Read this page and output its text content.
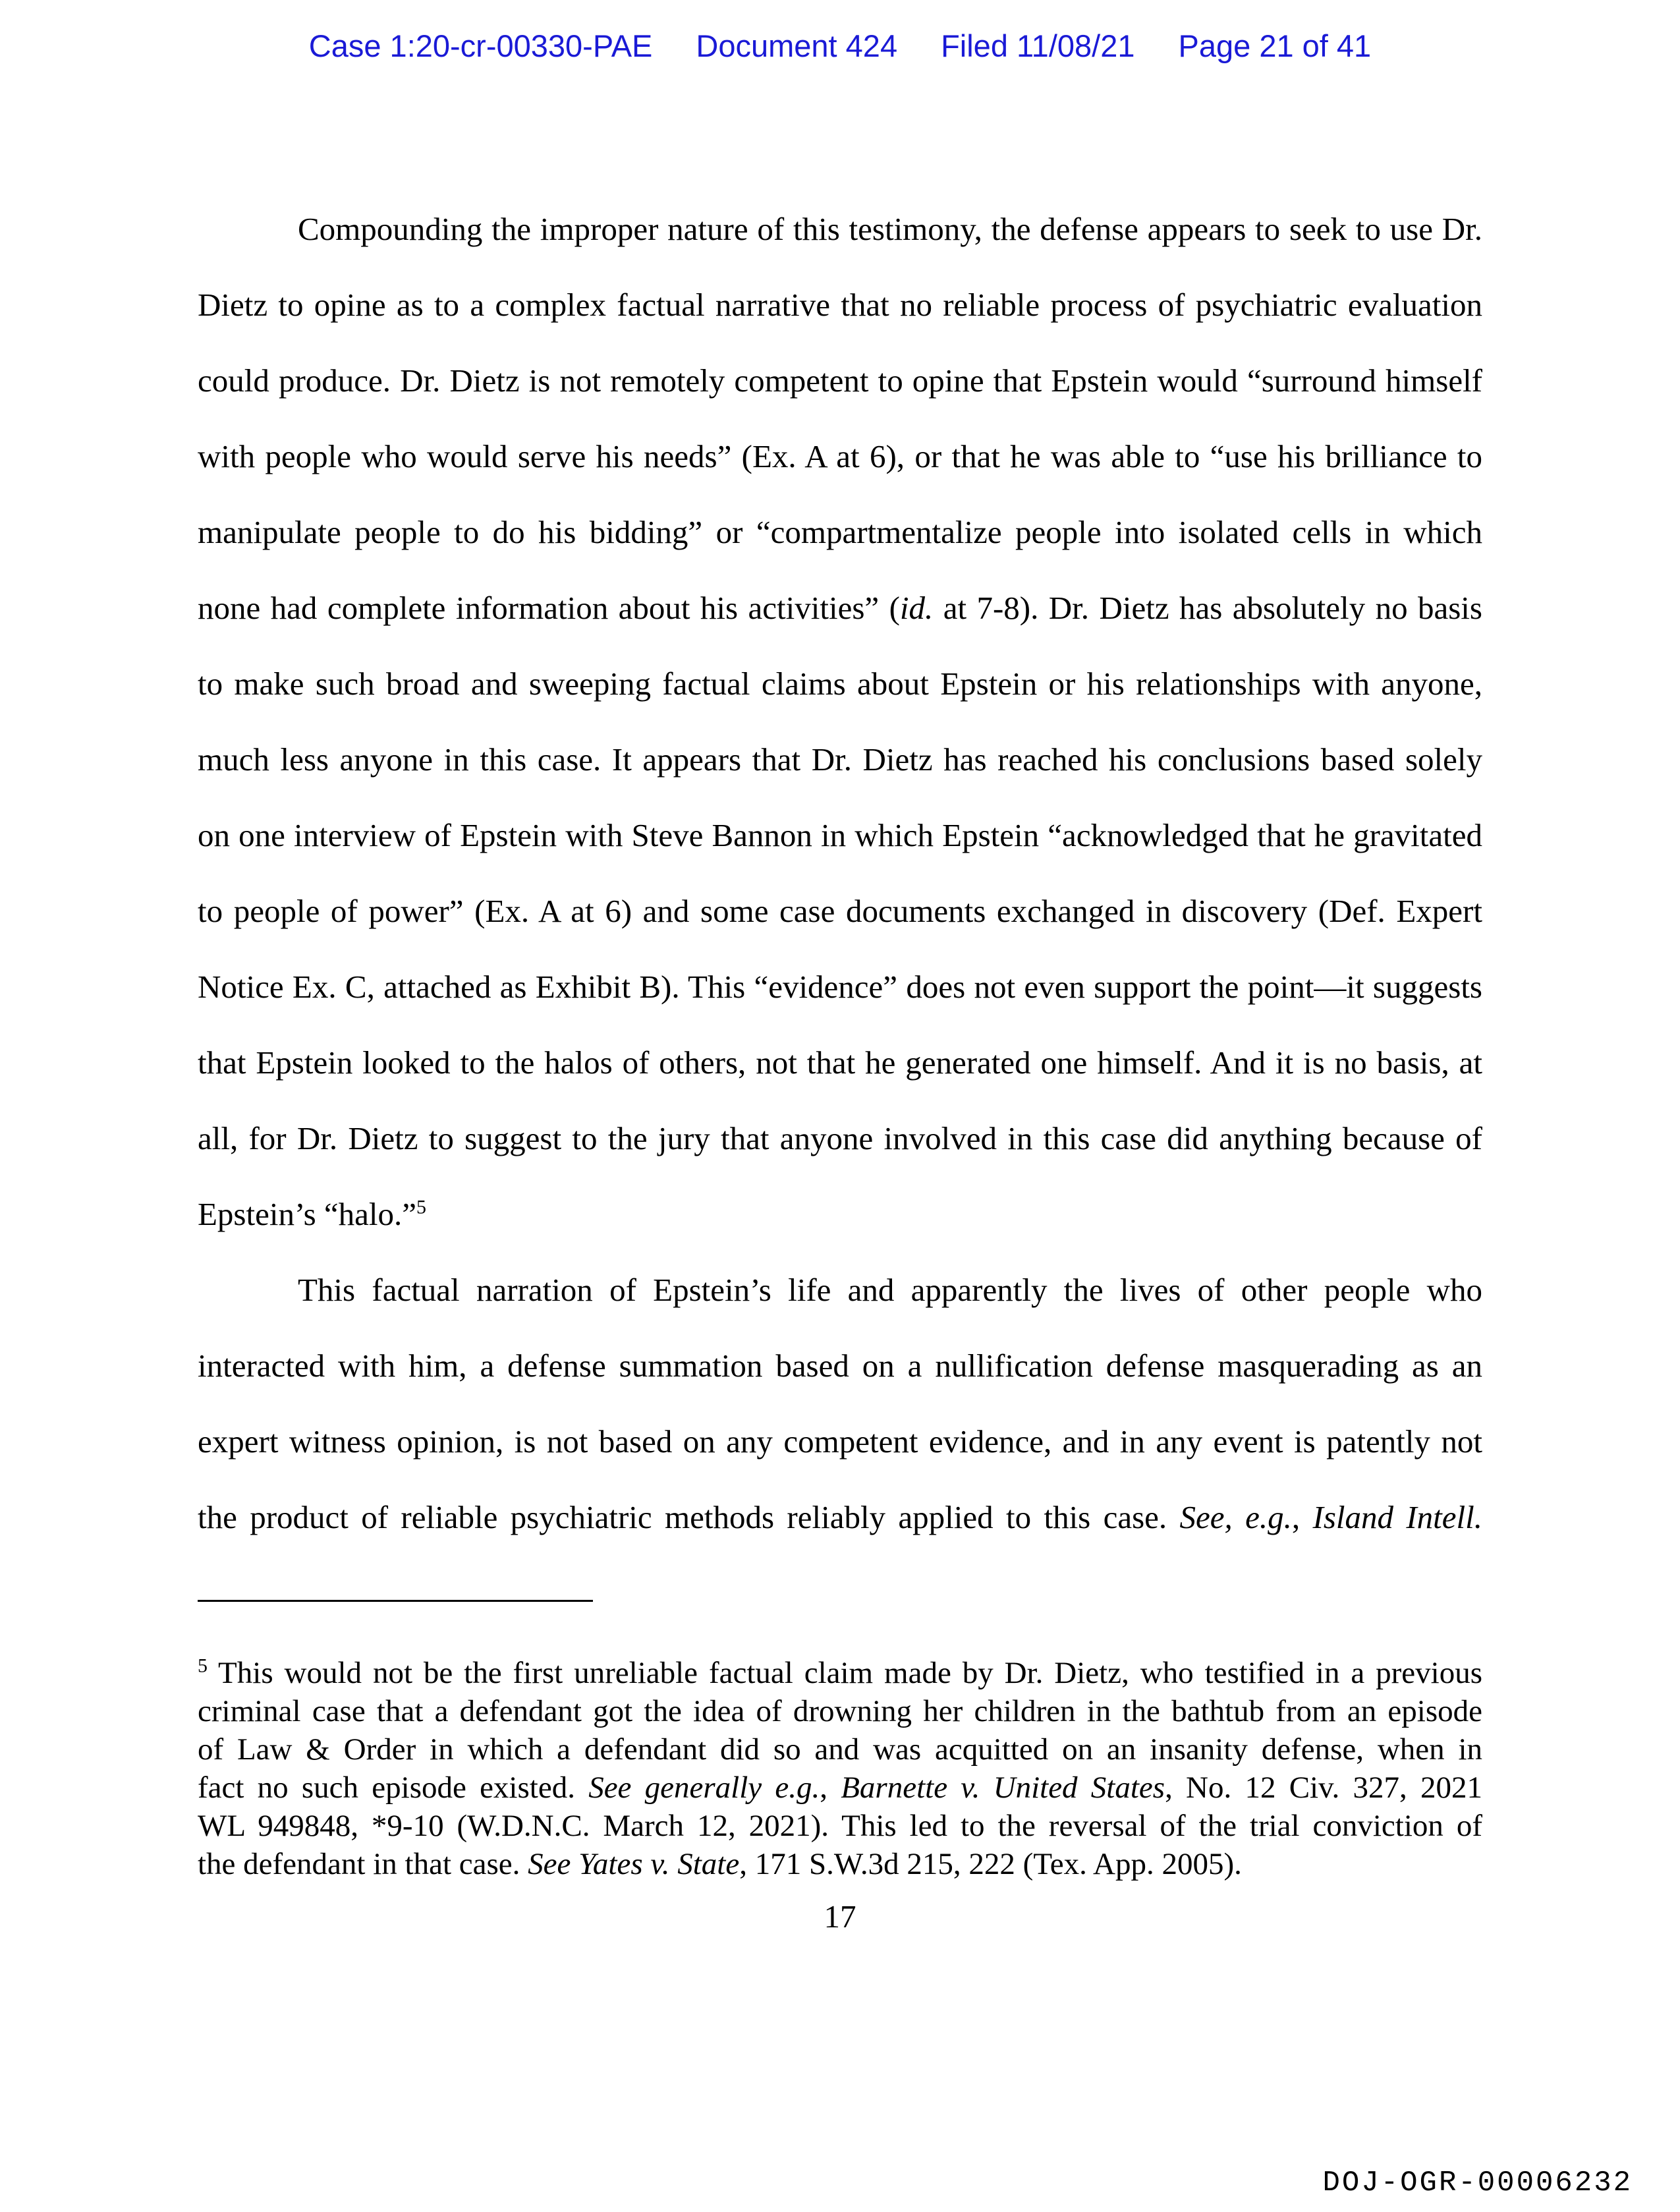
Case 1:20-cr-00330-PAE Document 424 Filed 11/08/21 Page 21 of 41
Compounding the improper nature of this testimony, the defense appears to seek to use Dr.
Dietz to opine as to a complex factual narrative that no reliable process of psychiatric evaluation
could produce. Dr. Dietz is not remotely competent to opine that Epstein would “surround himself
with people who would serve his needs” (Ex. A at 6), or that he was able to “use his brilliance to
manipulate people to do his bidding” or “compartmentalize people into isolated cells in which
none had complete information about his activities” (id. at 7-8). Dr. Dietz has absolutely no basis
to make such broad and sweeping factual claims about Epstein or his relationships with anyone,
much less anyone in this case. It appears that Dr. Dietz has reached his conclusions based solely
on one interview of Epstein with Steve Bannon in which Epstein “acknowledged that he gravitated
to people of power” (Ex. A at 6) and some case documents exchanged in discovery (Def. Expert
Notice Ex. C, attached as Exhibit B). This “evidence” does not even support the point—it suggests
that Epstein looked to the halos of others, not that he generated one himself. And it is no basis, at
all, for Dr. Dietz to suggest to the jury that anyone involved in this case did anything because of
Epstein’s “halo.”$^5$
This factual narration of Epstein’s life and apparently the lives of other people who
interacted with him, a defense summation based on a nullification defense masquerading as an
expert witness opinion, is not based on any competent evidence, and in any event is patently not
the product of reliable psychiatric methods reliably applied to this case. See, e.g., Island Intell.
$^5$ This would not be the first unreliable factual claim made by Dr. Dietz, who testified in a previous
criminal case that a defendant got the idea of drowning her children in the bathtub from an episode
of Law & Order in which a defendant did so and was acquitted on an insanity defense, when in
fact no such episode existed. See generally e.g., Barnette v. United States, No. 12 Civ. 327, 2021
WL 949848, *9-10 (W.D.N.C. March 12, 2021). This led to the reversal of the trial conviction of
the defendant in that case. See Yates v. State, 171 S.W.3d 215, 222 (Tex. App. 2005).
17
DOJ-OGR-00006232
